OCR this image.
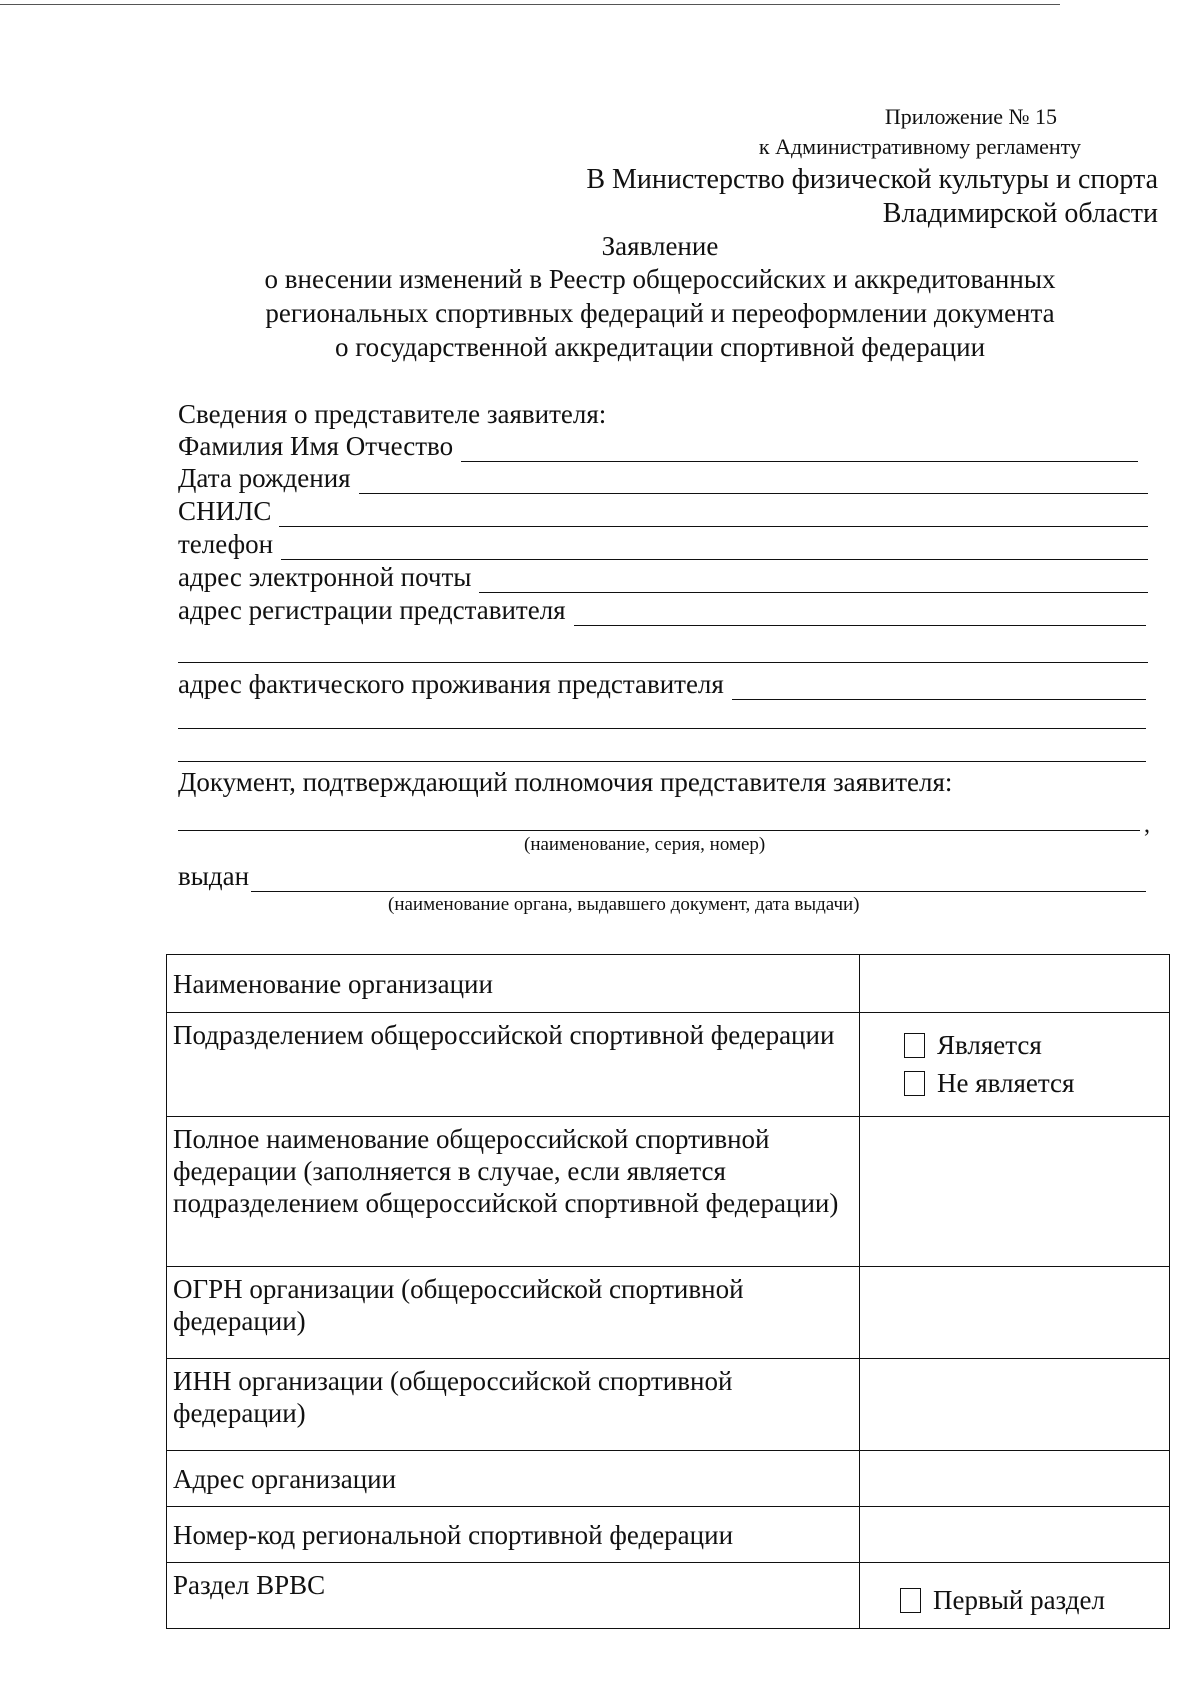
Приложение № 15
к Административному регламенту
В Министерство физической культуры и спорта
Владимирской области
Заявление
о внесении изменений в Реестр общероссийских и аккредитованных
региональных спортивных федераций и переоформлении документа
о государственной аккредитации спортивной федерации
Сведения о представителе заявителя:
Фамилия Имя Отчество
Дата рождения
СНИЛС
телефон
адрес электронной почты
адрес регистрации представителя
адрес фактического проживания представителя
Документ, подтверждающий полномочия представителя заявителя:
,
(наименование, серия, номер)
выдан
(наименование органа, выдавшего документ, дата выдачи)
Наименование организации	
Подразделением общероссийской спортивной федерации	Является
Не является

Полное наименование общероссийской спортивной федерации (заполняется в случае, если является подразделением общероссийской спортивной федерации)	
ОГРН организации (общероссийской спортивной федерации)	
ИНН организации (общероссийской спортивной федерации)	
Адрес организации	
Номер-код региональной спортивной федерации	
Раздел ВРВС	Первый раздел
